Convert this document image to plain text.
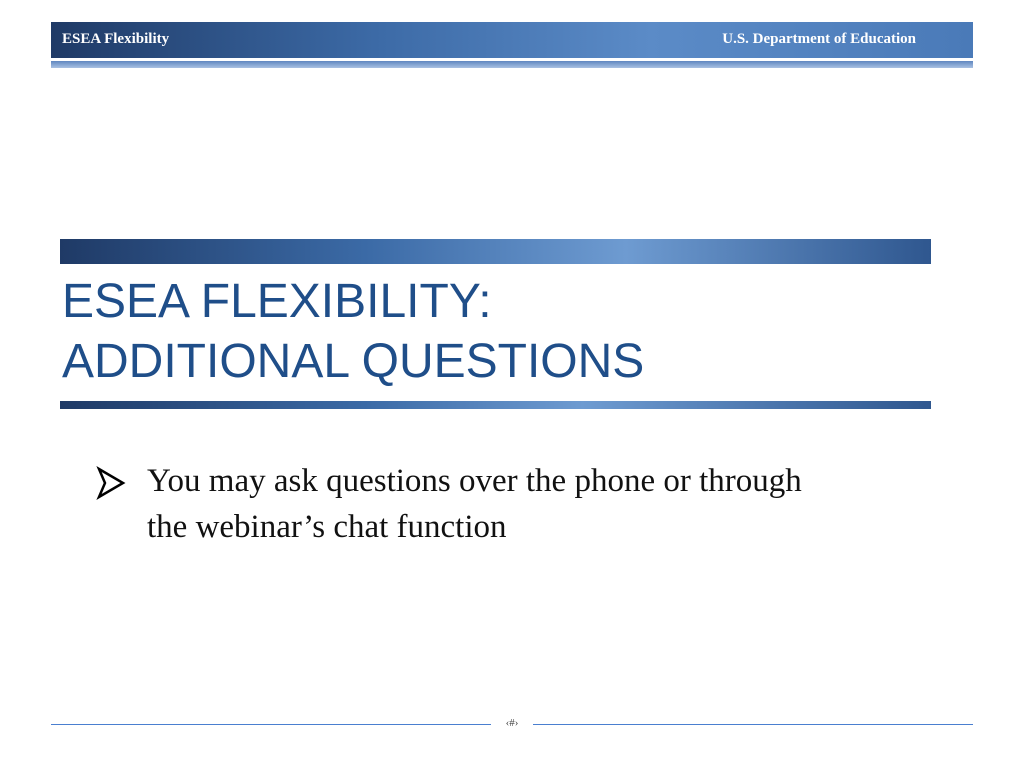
ESEA Flexibility	U.S. Department of Education
ESEA FLEXIBILITY:
ADDITIONAL QUESTIONS
You may ask questions over the phone or through the webinar’s chat function
‹#›
